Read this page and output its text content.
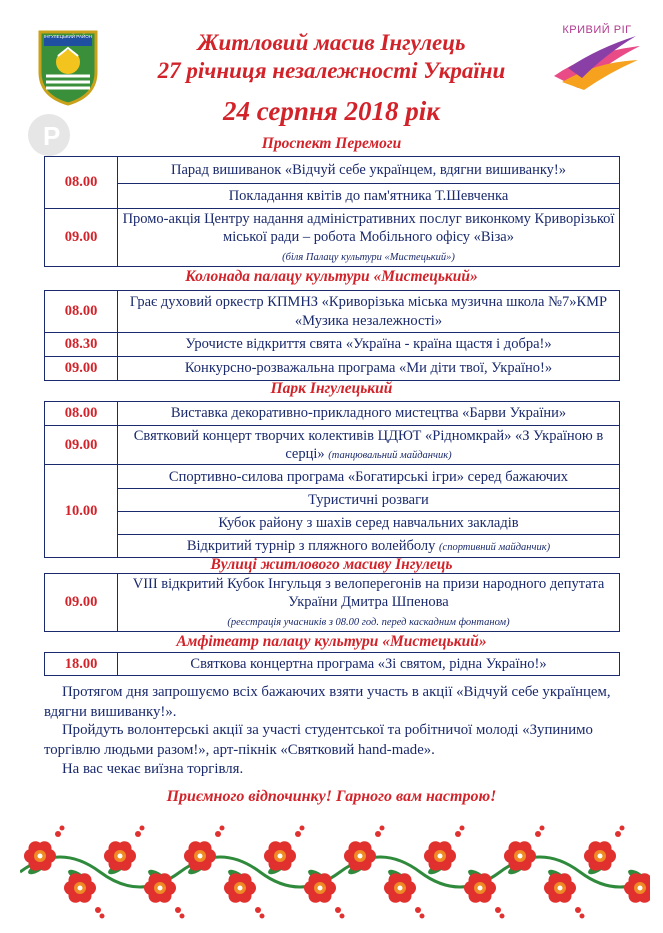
ІНГУЛЕЦЬКИЙ РАЙОН
P
КРИВИЙ РІГ
Житловий масив Інгулець
27 річниця незалежності України
24 серпня 2018 рік
Проспект Перемоги
08.00	Парад вишиванок «Відчуй себе українцем, вдягни вишиванку!»
	Покладання квітів до пам'ятника Т.Шевченка
09.00	Промо-акція Центру надання адміністративних послуг виконкому Криворізької міської ради – робота Мобільного офісу «Віза»
(біля Палацу культури «Мистецький»)
Колонада палацу культури «Мистецький»
08.00	Грає духовий оркестр КПМНЗ «Криворізька міська музична школа №7»КМР «Музика незалежності»
08.30	Урочисте відкриття свята «Україна - країна щастя і добра!»
09.00	Конкурсно-розважальна програма «Ми діти твої, Україно!»
Парк Інгулецький
08.00	Виставка декоративно-прикладного мистецтва «Барви України»
09.00	Святковий концерт творчих колективів ЦДЮТ «Рідномкрай» «З Україною в серці» (танцювальний майданчик)
10.00	Спортивно-силова програма «Богатирські ігри» серед бажаючих
	Туристичні розваги
	Кубок району з шахів серед навчальних закладів
	Відкритий турнір з пляжного волейболу (спортивний майданчик)
Вулиці житлового масиву Інгулець
09.00	VIII відкритий Кубок Інгульця з велоперегонів на призи народного депутата України Дмитра Шпенова
(реєстрація учасників з 08.00 год. перед каскадним фонтаном)
Амфітеатр палацу культури «Мистецький»
18.00	Святкова концертна програма «Зі святом, рідна Україно!»
Протягом дня запрошуємо всіх бажаючих взяти участь в акції «Відчуй себе українцем, вдягни вишиванку!».
Пройдуть волонтерські акції за участі студентської та робітничої молоді «Зупинимо торгівлю людьми разом!», арт-пікнік «Святковий hand-made».
На вас чекає виїзна торгівля.
Приємного відпочинку! Гарного вам настрою!
